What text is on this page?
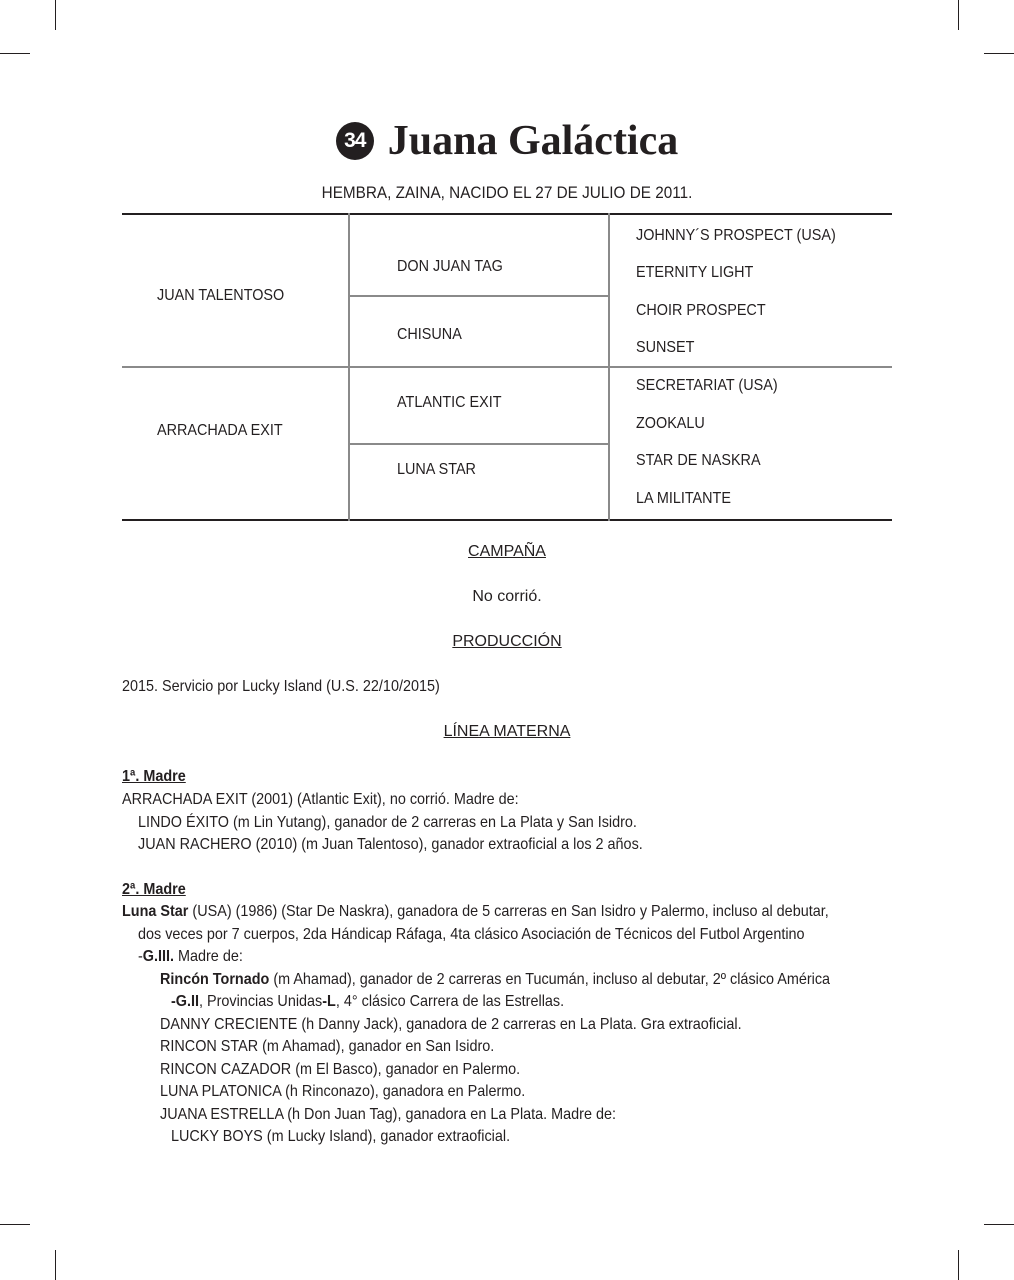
34 Juana Galáctica
HEMBRA, ZAINA, NACIDO EL 27 DE JULIO DE 2011.
JUAN TALENTOSO
ARRACHADA EXIT
DON JUAN TAG
CHISUNA
ATLANTIC EXIT
LUNA STAR
JOHNNY´S PROSPECT (USA)
ETERNITY LIGHT
CHOIR PROSPECT
SUNSET
SECRETARIAT (USA)
ZOOKALU
STAR DE NASKRA
LA MILITANTE
CAMPAÑA
No corrió.
PRODUCCIÓN
2015. Servicio por Lucky Island (U.S. 22/10/2015)
LÍNEA MATERNA
1ª. Madre
ARRACHADA EXIT (2001) (Atlantic Exit), no corrió. Madre de:
LINDO ÉXITO (m Lin Yutang), ganador de 2 carreras en La Plata y San Isidro.
JUAN RACHERO (2010) (m Juan Talentoso), ganador extraoficial a los 2 años.
2ª. Madre
Luna Star (USA) (1986) (Star De Naskra), ganadora de 5 carreras en San Isidro y Palermo, incluso al debutar,
dos veces por 7 cuerpos, 2da Hándicap Ráfaga, 4ta clásico Asociación de Técnicos del Futbol Argentino
-G.III. Madre de:
Rincón Tornado (m Ahamad), ganador de 2 carreras en Tucumán, incluso al debutar, 2º clásico América
-G.II, Provincias Unidas-L, 4° clásico Carrera de las Estrellas.
DANNY CRECIENTE (h Danny Jack), ganadora de 2 carreras en La Plata. Gra extraoficial.
RINCON STAR (m Ahamad), ganador en San Isidro.
RINCON CAZADOR (m El Basco), ganador en Palermo.
LUNA PLATONICA (h Rinconazo), ganadora en Palermo.
JUANA ESTRELLA (h Don Juan Tag), ganadora en La Plata. Madre de:
LUCKY BOYS (m Lucky Island), ganador extraoficial.
